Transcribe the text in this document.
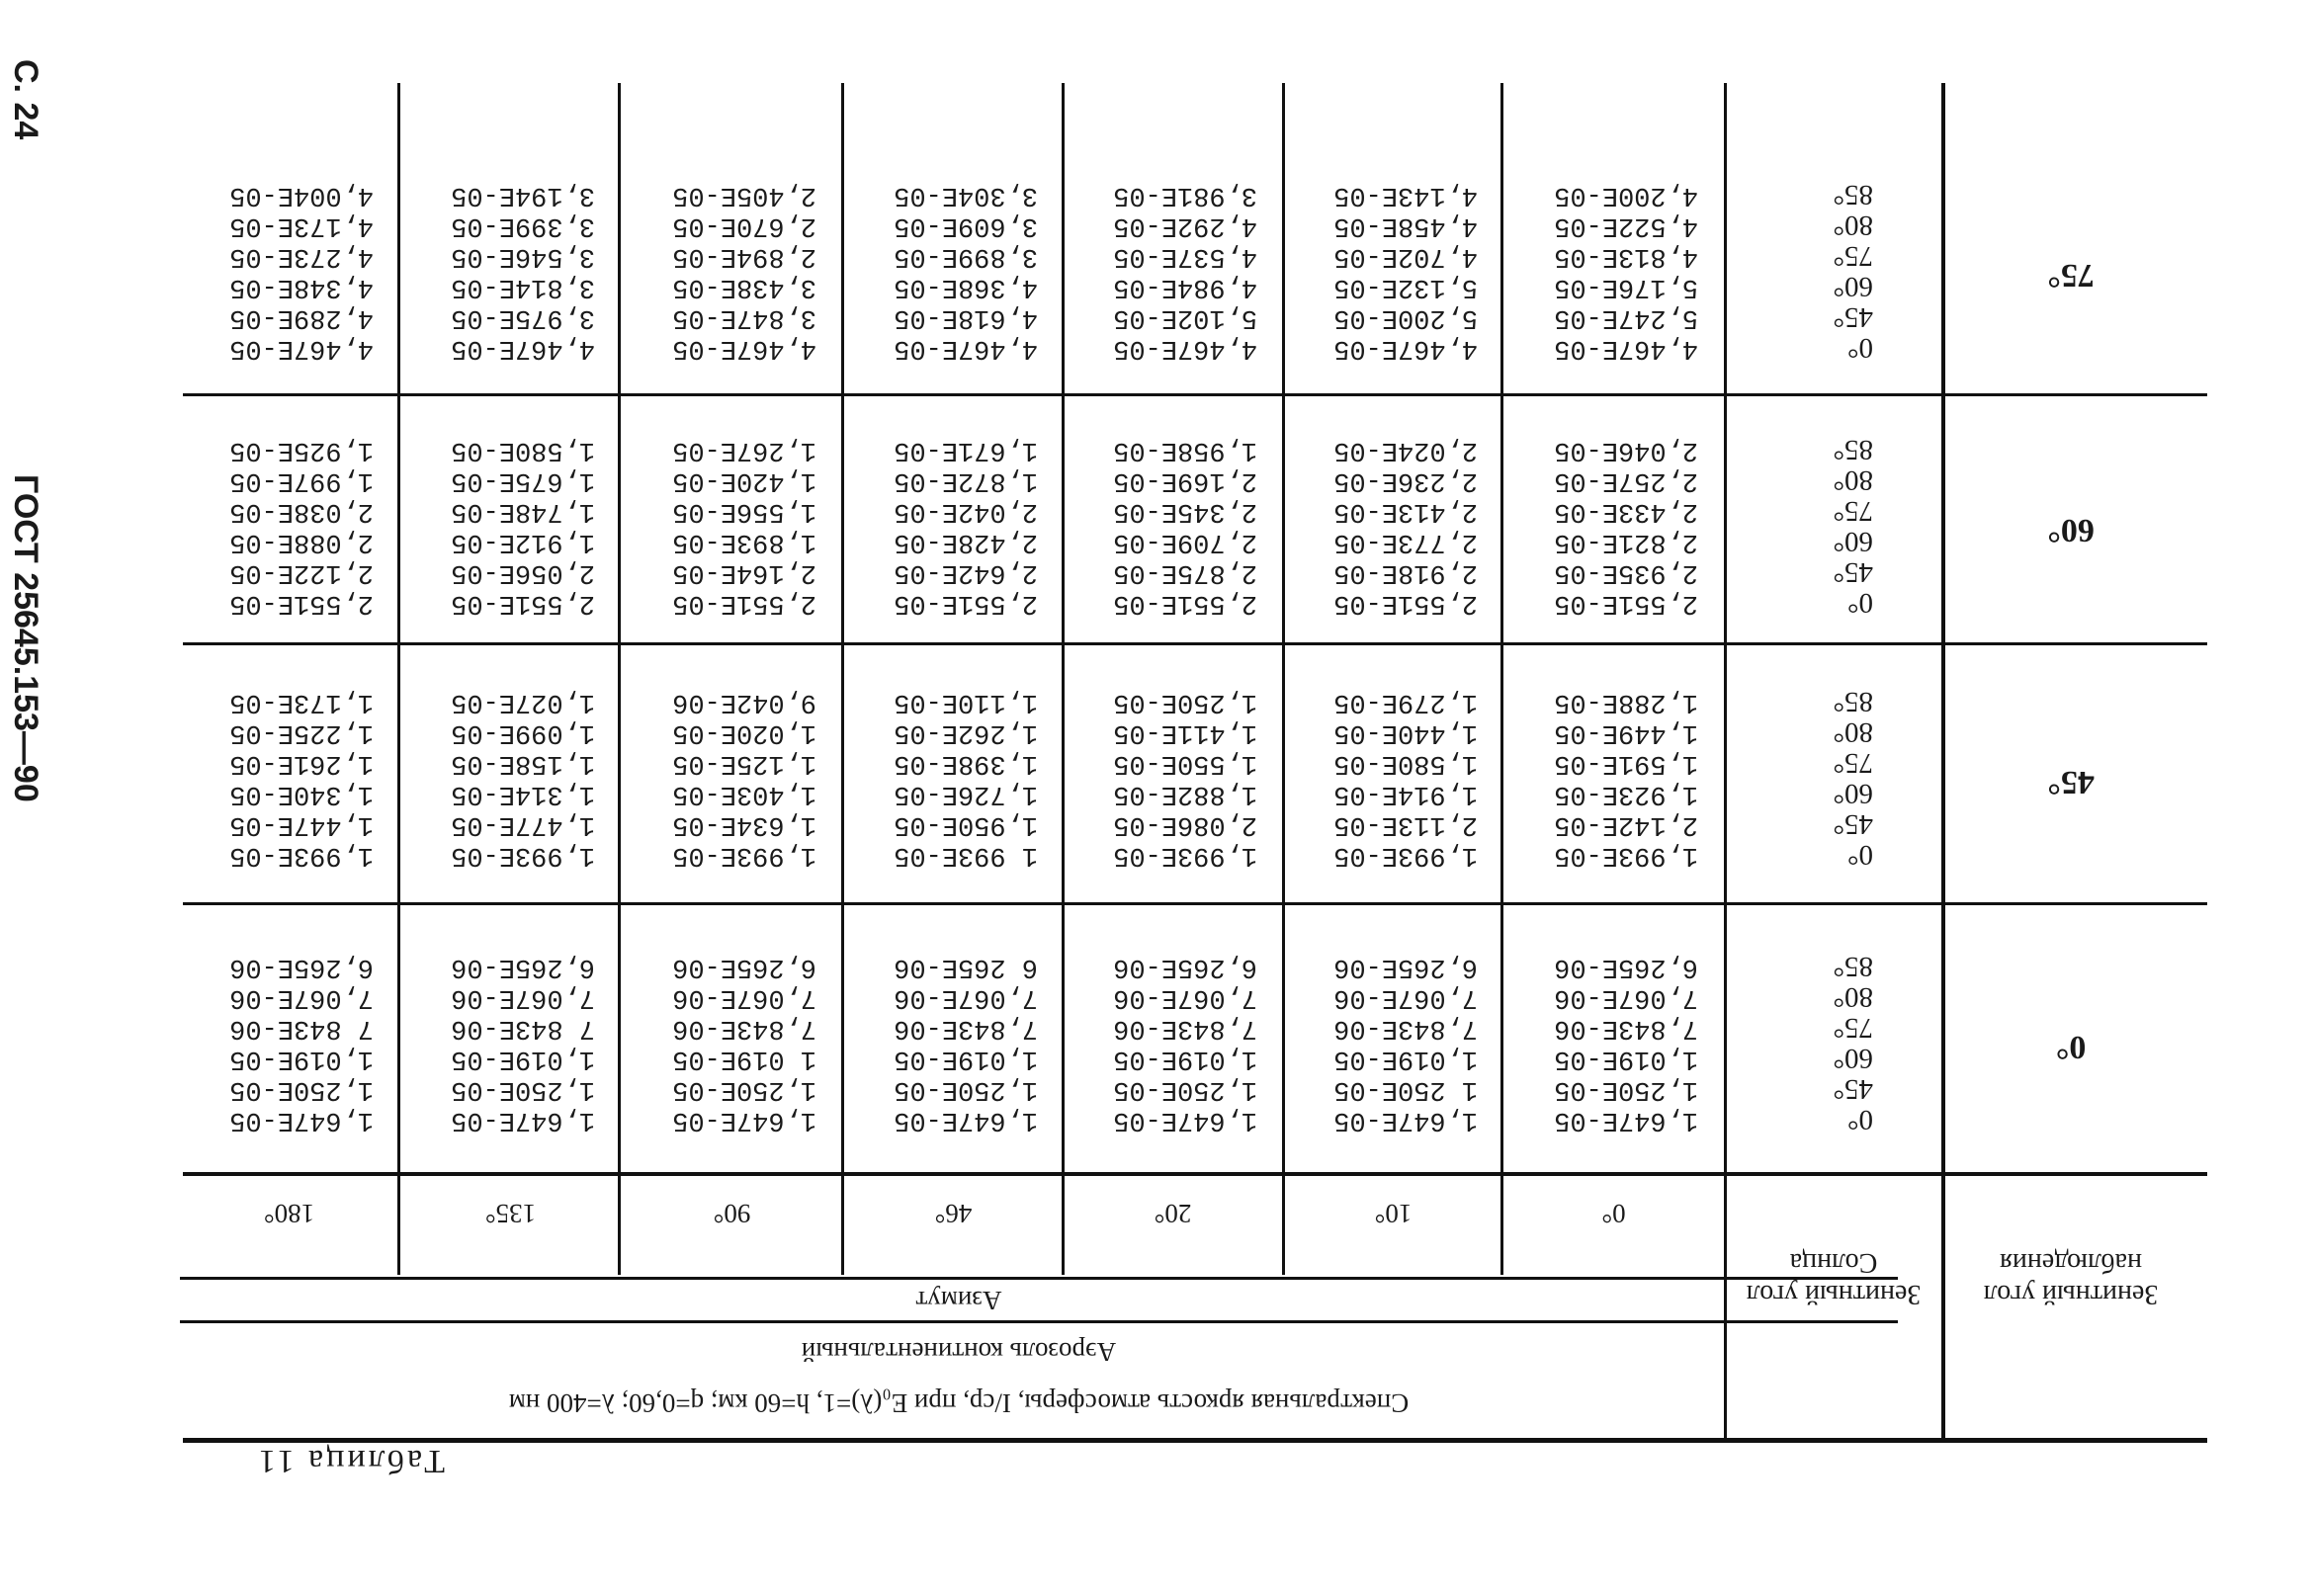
С. 24
ГОСТ 25645.153—90
Таблица 11
Спектральная яркость атмосферы, I/ср, при E₀(λ)=1, h=60 км; q=0,60; λ=400 нм
Аэрозоль континентальный
Азимут	Зенитный угол наблюдения
Зенитный угол Солнца
0°
10°
20°
46°
90°
135°
180°
0°
0°
45°
60°
75°
80°
85°
1,647E-05
1,250E-05
1,019E-05
7,843E-06
7,067E-06
6,265E-06
1,647E-05
1 250E-05
1,019E-05
7,843E-06
7,067E-06
6,265E-06
1,647E-05
1,250E-05
1,019E-05
7,843E-06
7,067E-06
6,265E-06
1,647E-05
1,250E-05
1,019E-05
7,843E-06
7,067E-06
6 265E-06
1,647E-05
1,250E-05
1 019E-05
7,843E-06
7,067E-06
6,265E-06
1,647E-05
1,250E-05
1,019E-05
7 843E-06
7,067E-06
6,265E-06
1,647E-05
1,250E-05
1,019E-05
7 843E-06
7,067E-06
6,265E-06
45°
0°
45°
60°
75°
80°
85°
1,993E-05
2,142E-05
1,923E-05
1,591E-05
1,449E-05
1,288E-05
1,993E-05
2,113E-05
1,914E-05
1,580E-05
1,440E-05
1,279E-05
1,993E-05
2,086E-05
1,882E-05
1,550E-05
1,411E-05
1,250E-05
1 993E-05
1,950E-05
1,726E-05
1,398E-05
1,262E-05
1,110E-05
1,993E-05
1,634E-05
1,403E-05
1,125E-05
1,020E-05
9,042E-06
1,993E-05
1,477E-05
1,314E-05
1,158E-05
1,099E-05
1,027E-05
1,993E-05
1,447E-05
1,340E-05
1,261E-05
1,225E-05
1,173E-05
60°
0°
45°
60°
75°
80°
85°
2,551E-05
2,935E-05
2,821E-05
2,433E-05
2,257E-05
2,046E-05
2,551E-05
2,918E-05
2,773E-05
2,413E-05
2,236E-05
2,024E-05
2,551E-05
2,875E-05
2,709E-05
2,345E-05
2,169E-05
1,958E-05
2,551E-05
2,642E-05
2,428E-05
2,042E-05
1,872E-05
1,671E-05
2,551E-05
2,164E-05
1,893E-05
1,556E-05
1,420E-05
1,267E-05
2,551E-05
2,056E-05
1,912E-05
1,748E-05
1,675E-05
1,580E-05
2,551E-05
2,122E-05
2,088E-05
2,038E-05
1,997E-05
1,925E-05
75°
0°
45°
60°
75°
80°
85°
4,467E-05
5,247E-05
5,176E-05
4,813E-05
4,522E-05
4,200E-05
4,467E-05
5,200E-05
5,132E-05
4,702E-05
4,458E-05
4,143E-05
4,467E-05
5,102E-05
4,984E-05
4,537E-05
4,292E-05
3,981E-05
4,467E-05
4,618E-05
4,368E-05
3,899E-05
3,609E-05
3,304E-05
4,467E-05
3,847E-05
3,438E-05
2,894E-05
2,670E-05
2,405E-05
4,467E-05
3,975E-05
3,814E-05
3,546E-05
3,399E-05
3,194E-05
4,467E-05
4,289E-05
4,348E-05
4,273E-05
4,173E-05
4,004E-05
